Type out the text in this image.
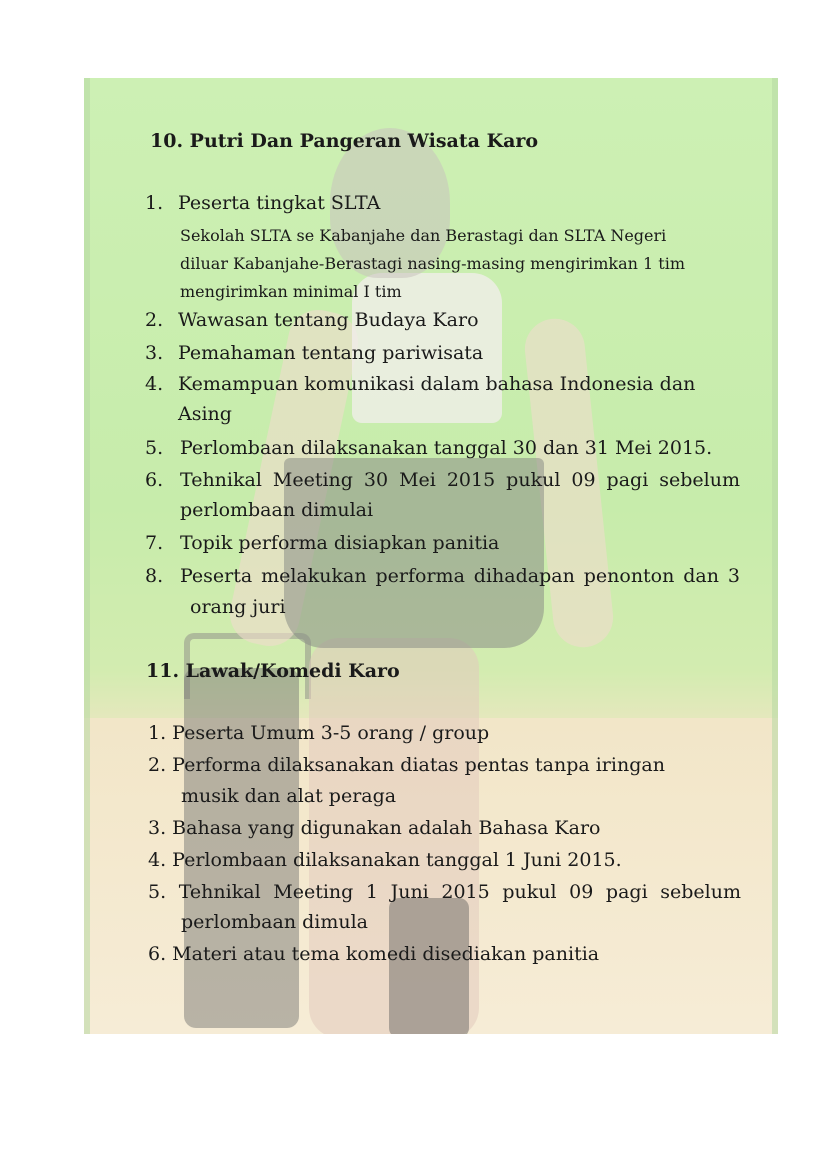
10. Putri Dan Pangeran Wisata Karo
1. Peserta tingkat SLTA
Sekolah SLTA se Kabanjahe dan Berastagi dan SLTA Negeri
diluar Kabanjahe-Berastagi nasing-masing mengirimkan 1 tim
mengirimkan minimal I tim
2. Wawasan tentang Budaya Karo
3. Pemahaman tentang pariwisata
4. Kemampuan komunikasi dalam bahasa Indonesia dan
Asing
5. Perlombaan dilaksanakan tanggal 30 dan 31 Mei 2015.
6. Tehnikal Meeting 30 Mei 2015 pukul 09 pagi sebelum
perlombaan dimulai
7. Topik performa disiapkan panitia
8. Peserta melakukan performa dihadapan penonton dan 3
orang juri
11. Lawak/Komedi Karo
1. Peserta Umum 3-5 orang / group
2. Performa dilaksanakan diatas pentas tanpa iringan
musik dan alat peraga
3. Bahasa yang digunakan adalah Bahasa Karo
4. Perlombaan dilaksanakan tanggal 1 Juni 2015.
5. Tehnikal Meeting 1 Juni 2015 pukul 09 pagi sebelum
perlombaan dimula
6. Materi atau tema komedi disediakan panitia
